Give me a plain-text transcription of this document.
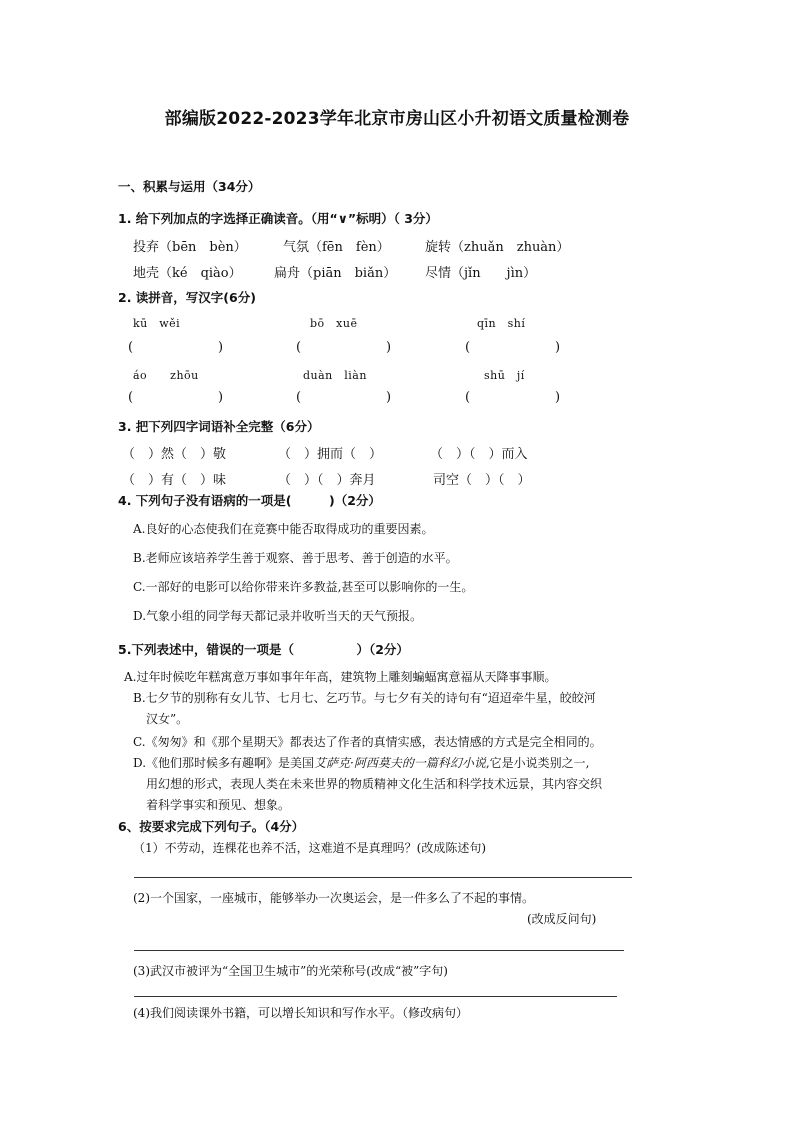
部编版2022-2023学年北京市房山区小升初语文质量检测卷
一、积累与运用（34分）
1. 给下列加点的字选择正确读音。（用“∨”标明）（ 3分）
投弃（bēn　bèn）	气氛（fēn　fèn）	旋转（zhuǎn　zhuàn）
地壳（ké　qiào） 扁舟（piān　biǎn） 尽情（jǐn　　jìn）
2. 读拼音，写汉字(6分)
kū　wěi	bō　xuē	qīn　shí
(	)	(	)	(	)
áo　　zhōu	duàn　liàn	shū　jí
(	)	(	)	(	)
3. 把下列四字词语补全完整（6分）
（　）然（　）敬	（　）拥而（　）	（　）（　）而入
（　）有（　）味	（　）（　）奔月	司空（　）（　）
4. 下列句子没有语病的一项是(　　　)（2分）
A.良好的心态使我们在竞赛中能否取得成功的重要因素。
B.老师应该培养学生善于观察、善于思考、善于创造的水平。
C.一部好的电影可以给你带来许多教益,甚至可以影响你的一生。
D.气象小组的同学每天都记录并收听当天的天气预报。
5.下列表述中，错误的一项是（　　　　　）（2分）
A.过年时候吃年糕寓意万事如事年年高，建筑物上雕刻蝙蝠寓意福从天降事事顺。
B.七夕节的别称有女儿节、七月七、乞巧节。与七夕有关的诗句有“迢迢牵牛星，皎皎河
汉女”。
C.《匆匆》和《那个星期天》都表达了作者的真情实感，表达情感的方式是完全相同的。
D.《他们那时候多有趣啊》是美国艾萨克·阿西莫夫的一篇科幻小说,它是小说类别之一,
用幻想的形式，表现人类在未来世界的物质精神文化生活和科学技术远景，其内容交织
着科学事实和预见、想象。
6、按要求完成下列句子。（4分）
（1）不劳动，连棵花也养不活，这难道不是真理吗？(改成陈述句)
(2)一个国家，一座城市，能够举办一次奥运会，是一件多么了不起的事情。
(改成反问句)
(3)武汉市被评为“全国卫生城市”的光荣称号(改成“被”字句)
(4)我们阅读课外书籍，可以增长知识和写作水平。（修改病句）
